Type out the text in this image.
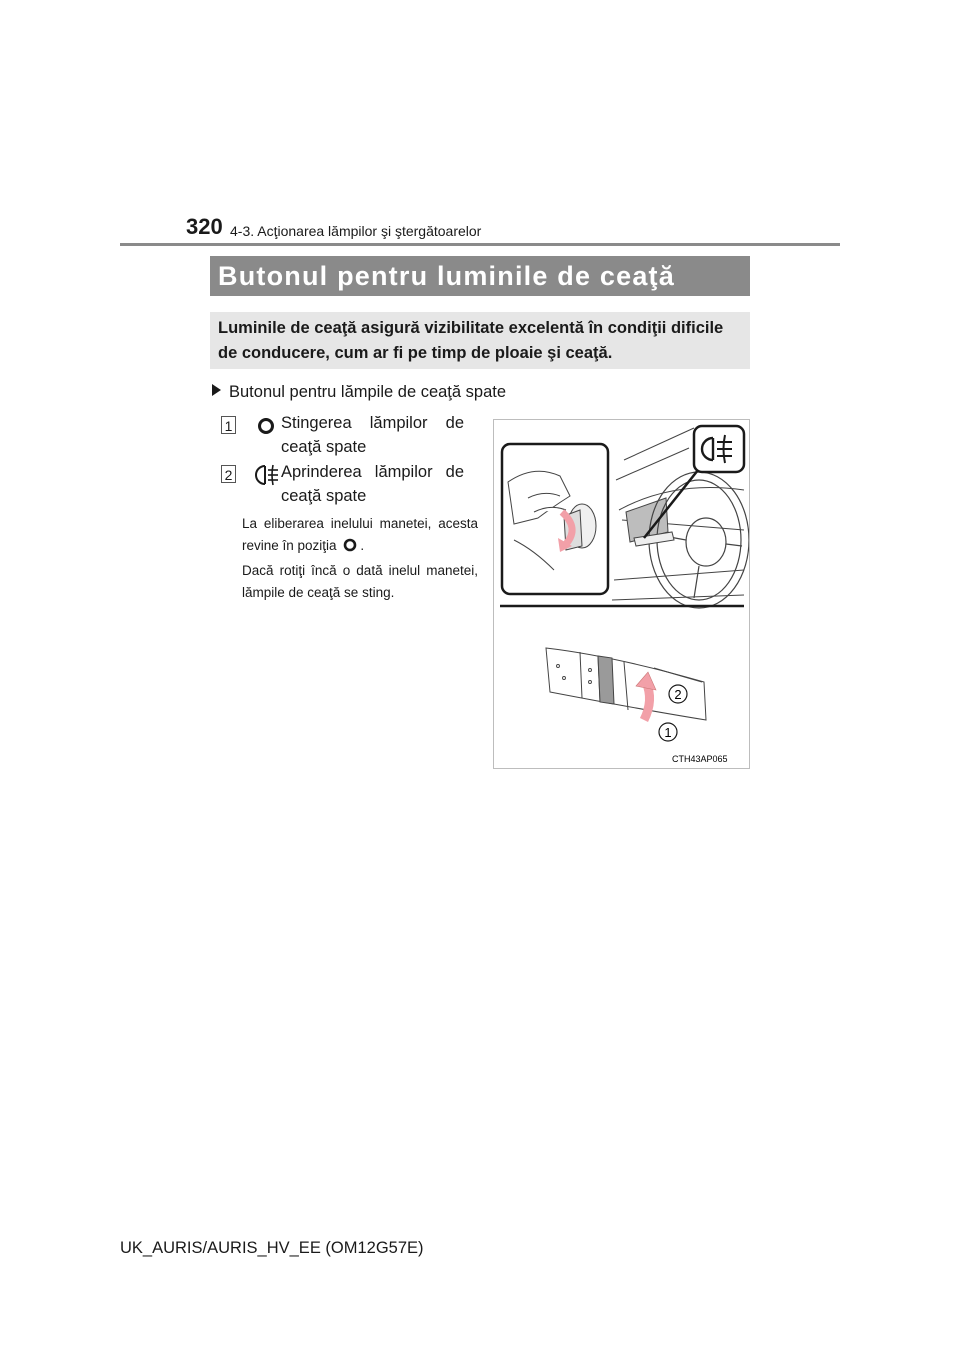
320 4-3. Acţionarea lămpilor şi ştergătoarelor
Butonul pentru luminile de ceaţă
Luminile de ceaţă asigură vizibilitate excelentă în condiţii dificile de conducere, cum ar fi pe timp de ploaie şi ceaţă.
Butonul pentru lămpile de ceaţă spate
1	Stingerea lămpilor de ceaţă spate
2	Aprinderea lămpilor de ceaţă spate
La eliberarea inelului manetei, acesta revine în poziţia .
Dacă rotiţi încă o dată inelul manetei, lămpile de ceaţă se sting.
2
1
CTH43AP065
UK_AURIS/AURIS_HV_EE (OM12G57E)
